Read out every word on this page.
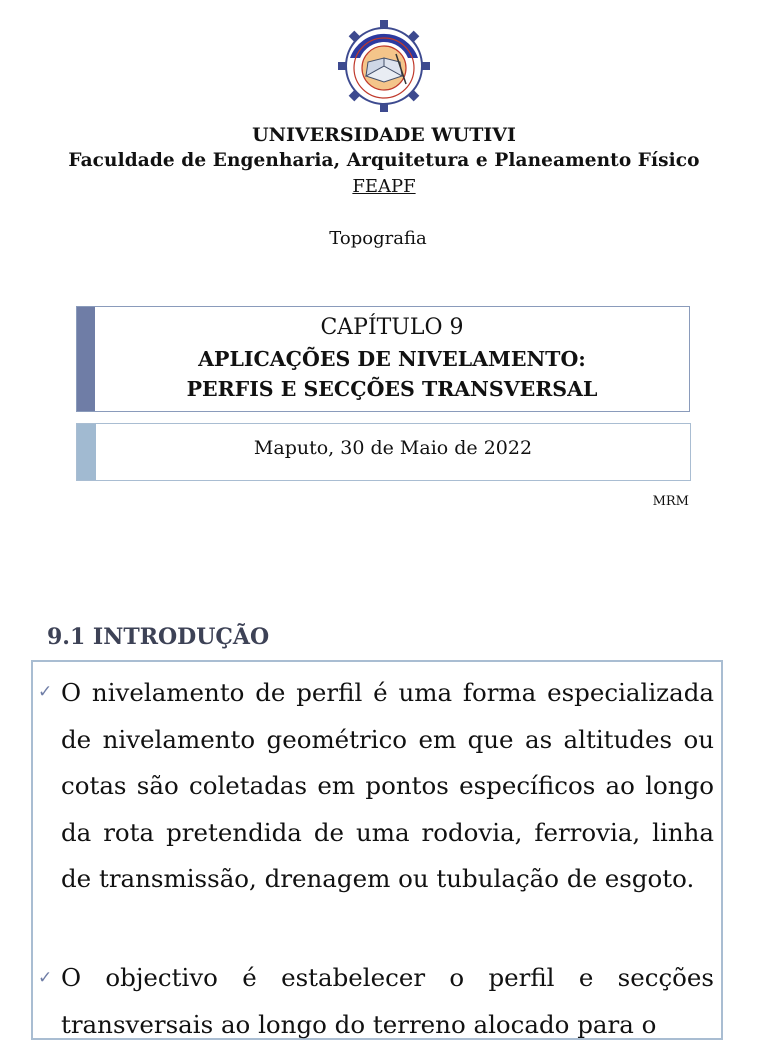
UNIVERSIDADE WUTIVI
Faculdade de Engenharia, Arquitetura e Planeamento Físico
FEAPF
Topografia
CAPÍTULO 9
APLICAÇÕES DE NIVELAMENTO:
PERFIS E SECÇÕES TRANSVERSAL
Maputo, 30 de Maio de 2022
MRM
9.1 INTRODUÇÃO
✓ O nivelamento de perfil é uma forma especializada de nivelamento geométrico em que as altitudes ou cotas são coletadas em pontos específicos ao longo da rota pretendida de uma rodovia, ferrovia, linha de transmissão, drenagem ou tubulação de esgoto.
✓ O objectivo é estabelecer o perfil e secções transversais ao longo do terreno alocado para o
